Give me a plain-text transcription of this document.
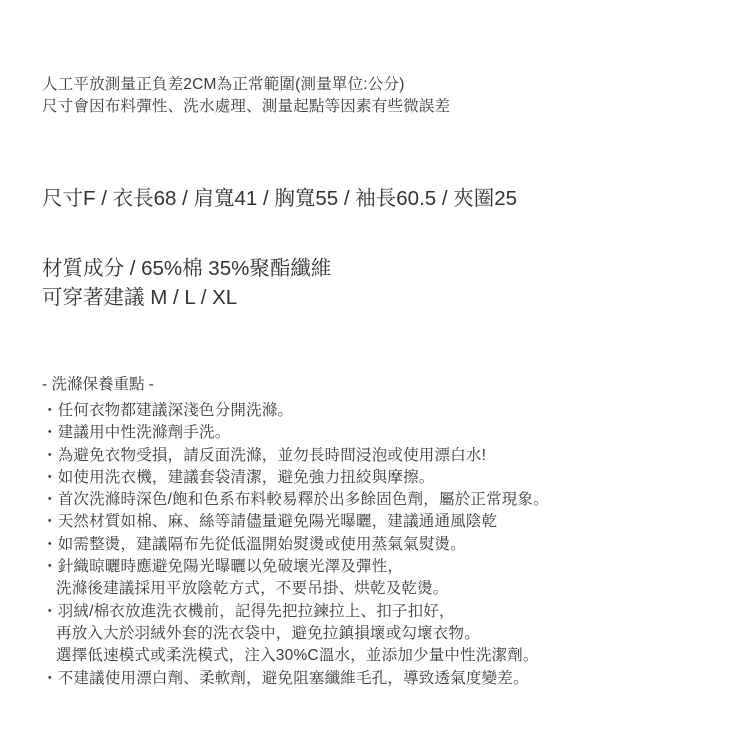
人工平放測量正負差2CM為正常範圍(測量單位:公分)
尺寸會因布料彈性、洗水處理、測量起點等因素有些微誤差
尺寸F / 衣長68 / 肩寬41 / 胸寬55 / 袖長60.5 / 夾圈25
材質成分 / 65%棉 35%聚酯纖維
可穿著建議 M / L / XL
- 洗滌保養重點 -
・任何衣物都建議深淺色分開洗滌。
・建議用中性洗滌劑手洗。
・為避免衣物受損，請反面洗滌，並勿長時間浸泡或使用漂白水!
・如使用洗衣機，建議套袋清潔，避免強力扭絞與摩擦。
・首次洗滌時深色/飽和色系布料較易釋於出多餘固色劑，屬於正常現象。
・天然材質如棉、麻、絲等請儘量避免陽光曝曬，建議通通風陰乾
・如需整燙，建議隔布先從低溫開始熨燙或使用蒸氣氣熨燙。
・針織晾曬時應避免陽光曝曬以免破壞光澤及彈性，
洗滌後建議採用平放陰乾方式，不要吊掛、烘乾及乾燙。
・羽絨/棉衣放進洗衣機前，記得先把拉鍊拉上、扣子扣好，
再放入大於羽絨外套的洗衣袋中，避免拉鎮損壞或勾壞衣物。
選擇低速模式或柔洗模式，注入30%C溫水，並添加少量中性洗潔劑。
・不建議使用漂白劑、柔軟劑，避免阻塞纖維毛孔，導致透氣度變差。
